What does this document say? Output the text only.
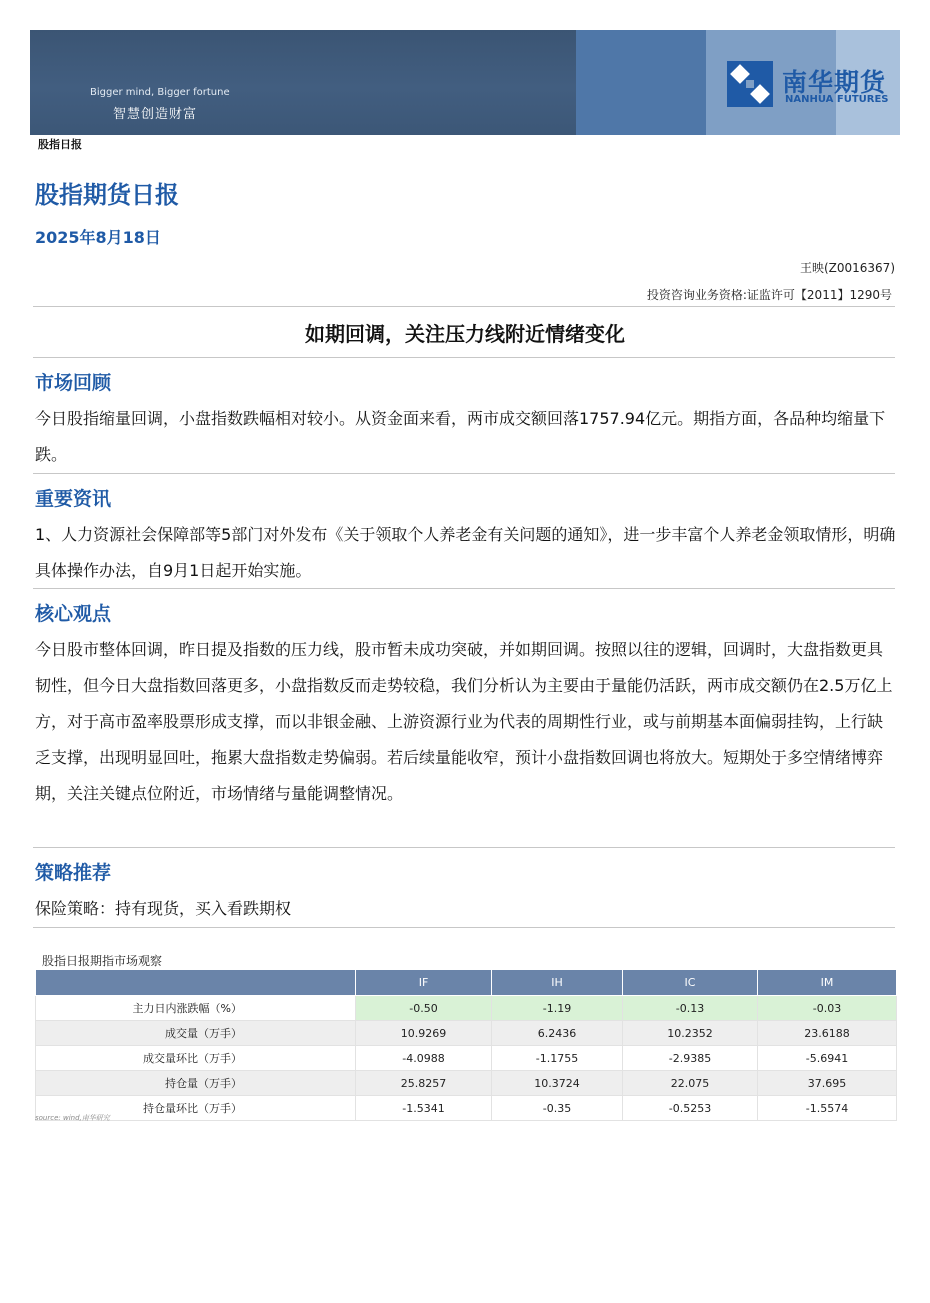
Bigger mind, Bigger fortune
智慧创造财富
南华期货
NANHUA FUTURES
股指日报
股指期货日报
2025年8月18日
王映(Z0016367)
投资咨询业务资格:证监许可【2011】1290号
如期回调，关注压力线附近情绪变化
市场回顾
今日股指缩量回调，小盘指数跌幅相对较小。从资金面来看，两市成交额回落1757.94亿元。期指方面，各品种均缩量下跌。
重要资讯
1、人力资源社会保障部等5部门对外发布《关于领取个人养老金有关问题的通知》，进一步丰富个人养老金领取情形，明确具体操作办法，自9月1日起开始实施。
核心观点
今日股市整体回调，昨日提及指数的压力线，股市暂未成功突破，并如期回调。按照以往的逻辑，回调时，大盘指数更具韧性，但今日大盘指数回落更多，小盘指数反而走势较稳，我们分析认为主要由于量能仍活跃，两市成交额仍在2.5万亿上方，对于高市盈率股票形成支撑，而以非银金融、上游资源行业为代表的周期性行业，或与前期基本面偏弱挂钩，上行缺乏支撑，出现明显回吐，拖累大盘指数走势偏弱。若后续量能收窄，预计小盘指数回调也将放大。短期处于多空情绪博弈期，关注关键点位附近，市场情绪与量能调整情况。
策略推荐
保险策略：持有现货，买入看跌期权
股指日报期指市场观察
	IF	IH	IC	IM
主力日内涨跌幅（%）	-0.50	-1.19	-0.13	-0.03
成交量（万手）	10.9269	6.2436	10.2352	23.6188
成交量环比（万手）	-4.0988	-1.1755	-2.9385	-5.6941
持仓量（万手）	25.8257	10.3724	22.075	37.695
持仓量环比（万手）	-1.5341	-0.35	-0.5253	-1.5574
source: wind,南华研究
